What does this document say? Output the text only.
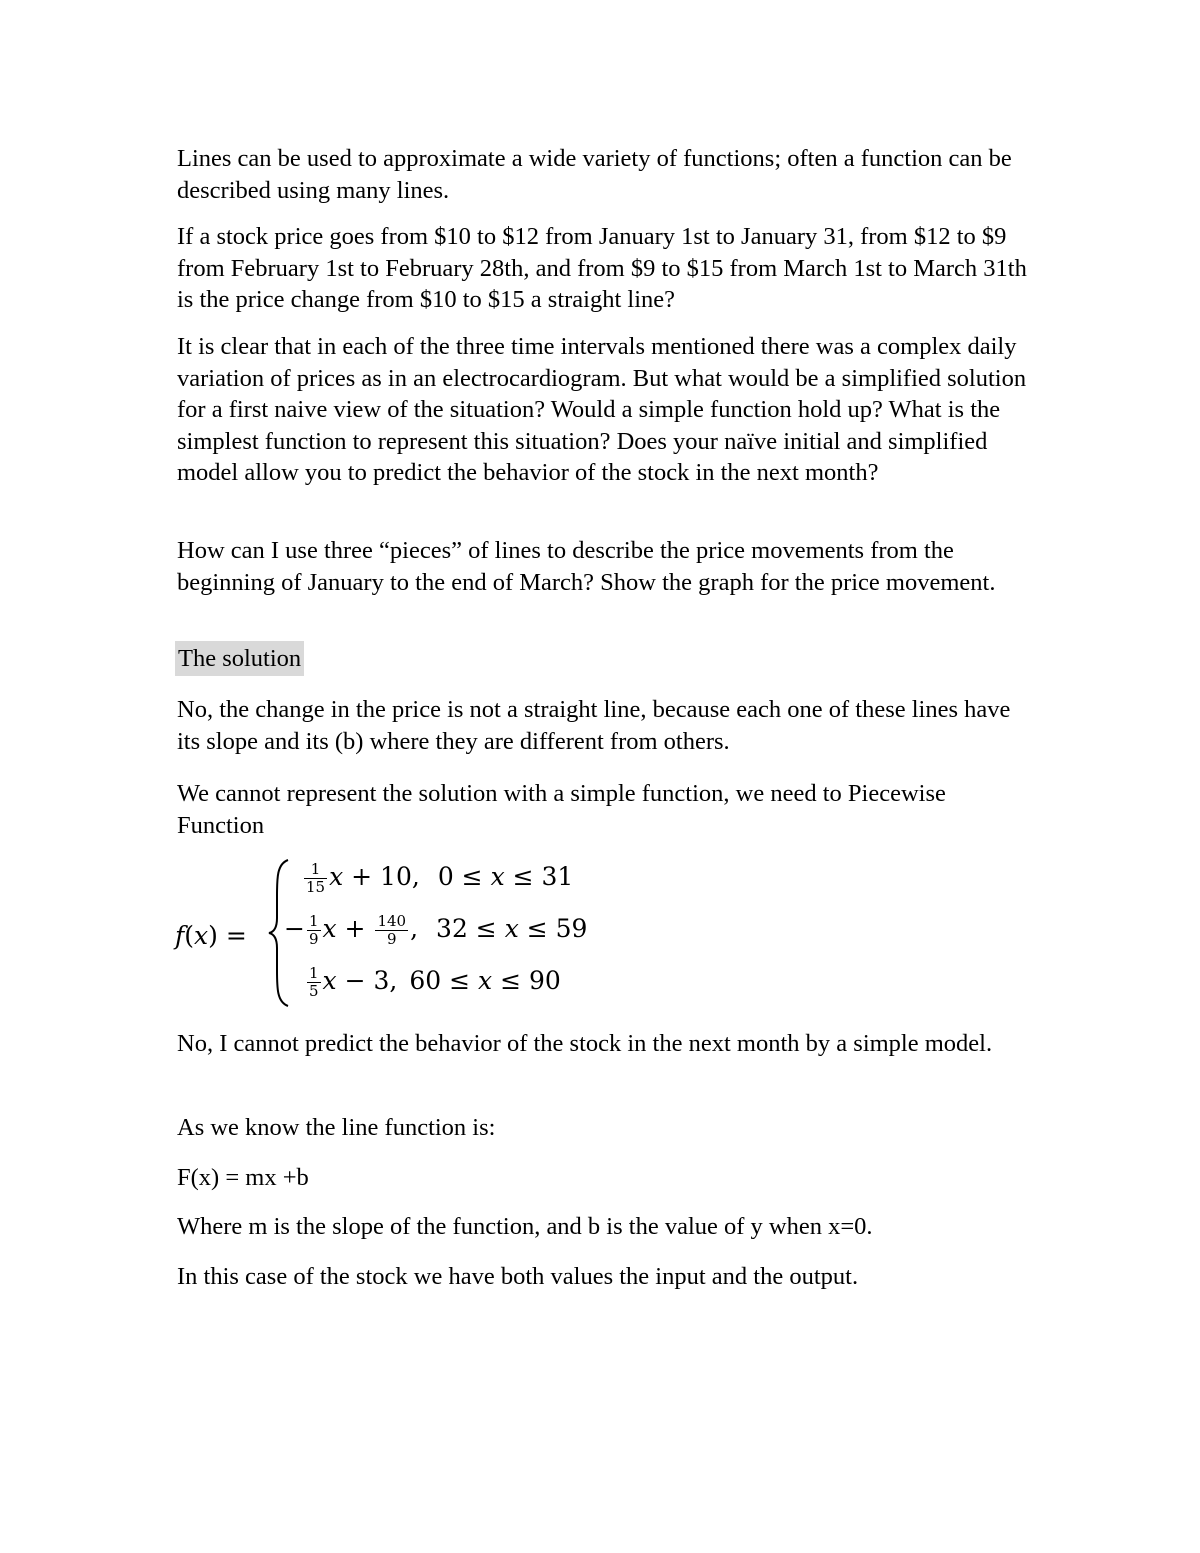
Lines can be used to approximate a wide variety of functions; often a function can be described using many lines.

If a stock price goes from $10 to $12 from January 1st to January 31, from $12 to $9 from February 1st to February 28th, and from $9 to $15 from March 1st to March 31th is the price change from $10 to $15 a straight line?

It is clear that in each of the three time intervals mentioned there was a complex daily variation of prices as in an electrocardiogram. But what would be a simplified solution for a first naive view of the situation? Would a simple function hold up? What is the simplest function to represent this situation? Does your naïve initial and simplified model allow you to predict the behavior of the stock in the next month?

How can I use three “pieces” of lines to describe the price movements from the beginning of January to the end of March? Show the graph for the price movement.

The solution

No, the change in the price is not a straight line, because each one of these lines have its slope and its (b) where they are different from others.

We cannot represent the solution with a simple function, we need to Piecewise Function

f(x) =
$\frac{1}{15}$ x + 10, 0 ≤ x ≤ 31
− $\frac{1}{9}$ $x + \frac{140}{9}$ , 32 ≤ x ≤ 59
$\frac{1}{5}$ x − 3, 60 ≤ x ≤ 90

No, I cannot predict the behavior of the stock in the next month by a simple model.

As we know the line function is:

F(x) = mx +b

Where m is the slope of the function, and b is the value of y when x=0.

In this case of the stock we have both values the input and the output.
